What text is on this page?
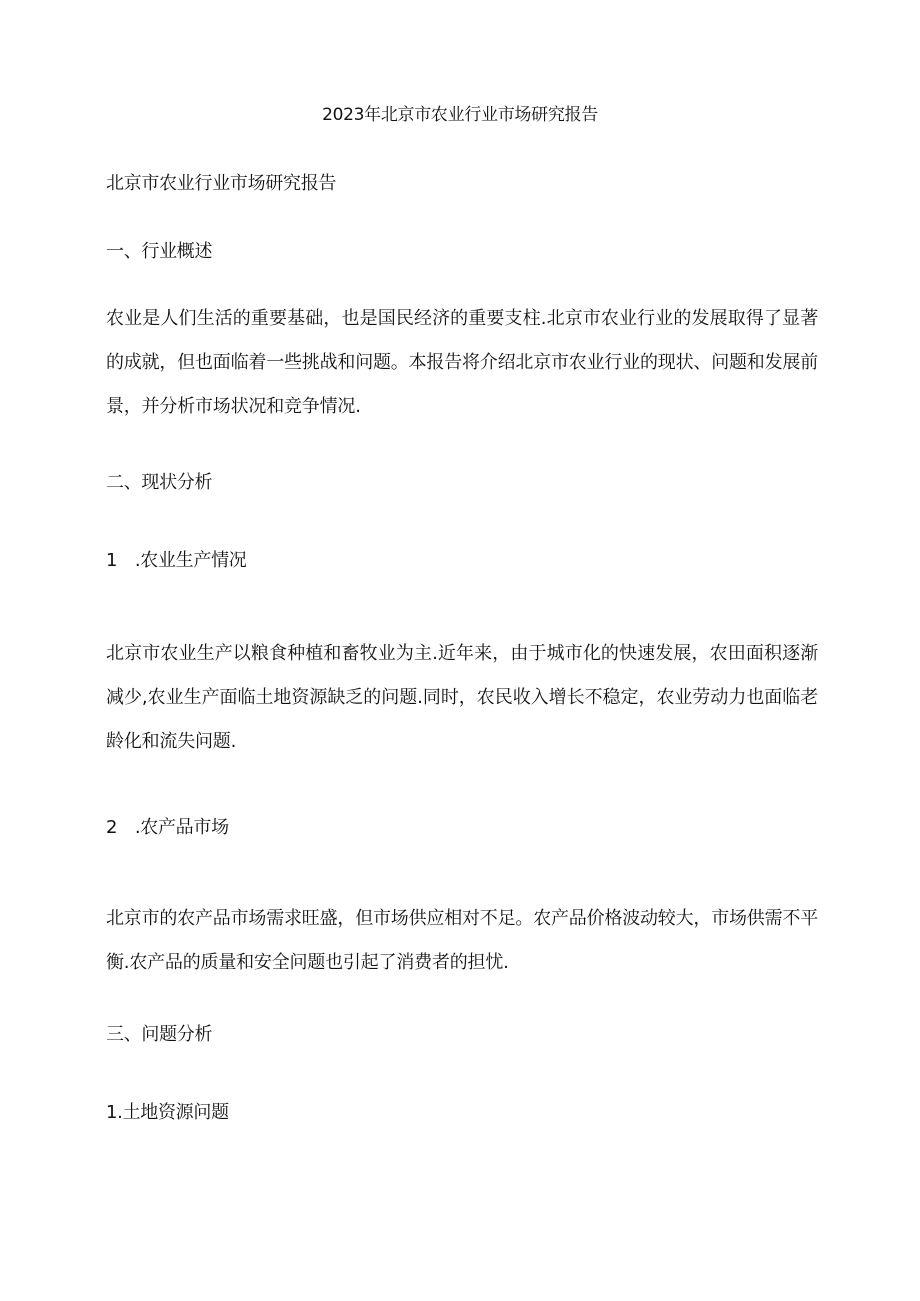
2023年北京市农业行业市场研究报告

北京市农业行业市场研究报告

一、行业概述

农业是人们生活的重要基础，也是国民经济的重要支柱.北京市农业行业的发展取得了显著的成就，但也面临着一些挑战和问题。本报告将介绍北京市农业行业的现状、问题和发展前景，并分析市场状况和竞争情况.

二、现状分析

1　.农业生产情况

北京市农业生产以粮食种植和畜牧业为主.近年来，由于城市化的快速发展，农田面积逐渐减少,农业生产面临土地资源缺乏的问题.同时，农民收入增长不稳定，农业劳动力也面临老龄化和流失问题.

2　.农产品市场

北京市的农产品市场需求旺盛，但市场供应相对不足。农产品价格波动较大，市场供需不平衡.农产品的质量和安全问题也引起了消费者的担忧.

三、问题分析

1.土地资源问题
